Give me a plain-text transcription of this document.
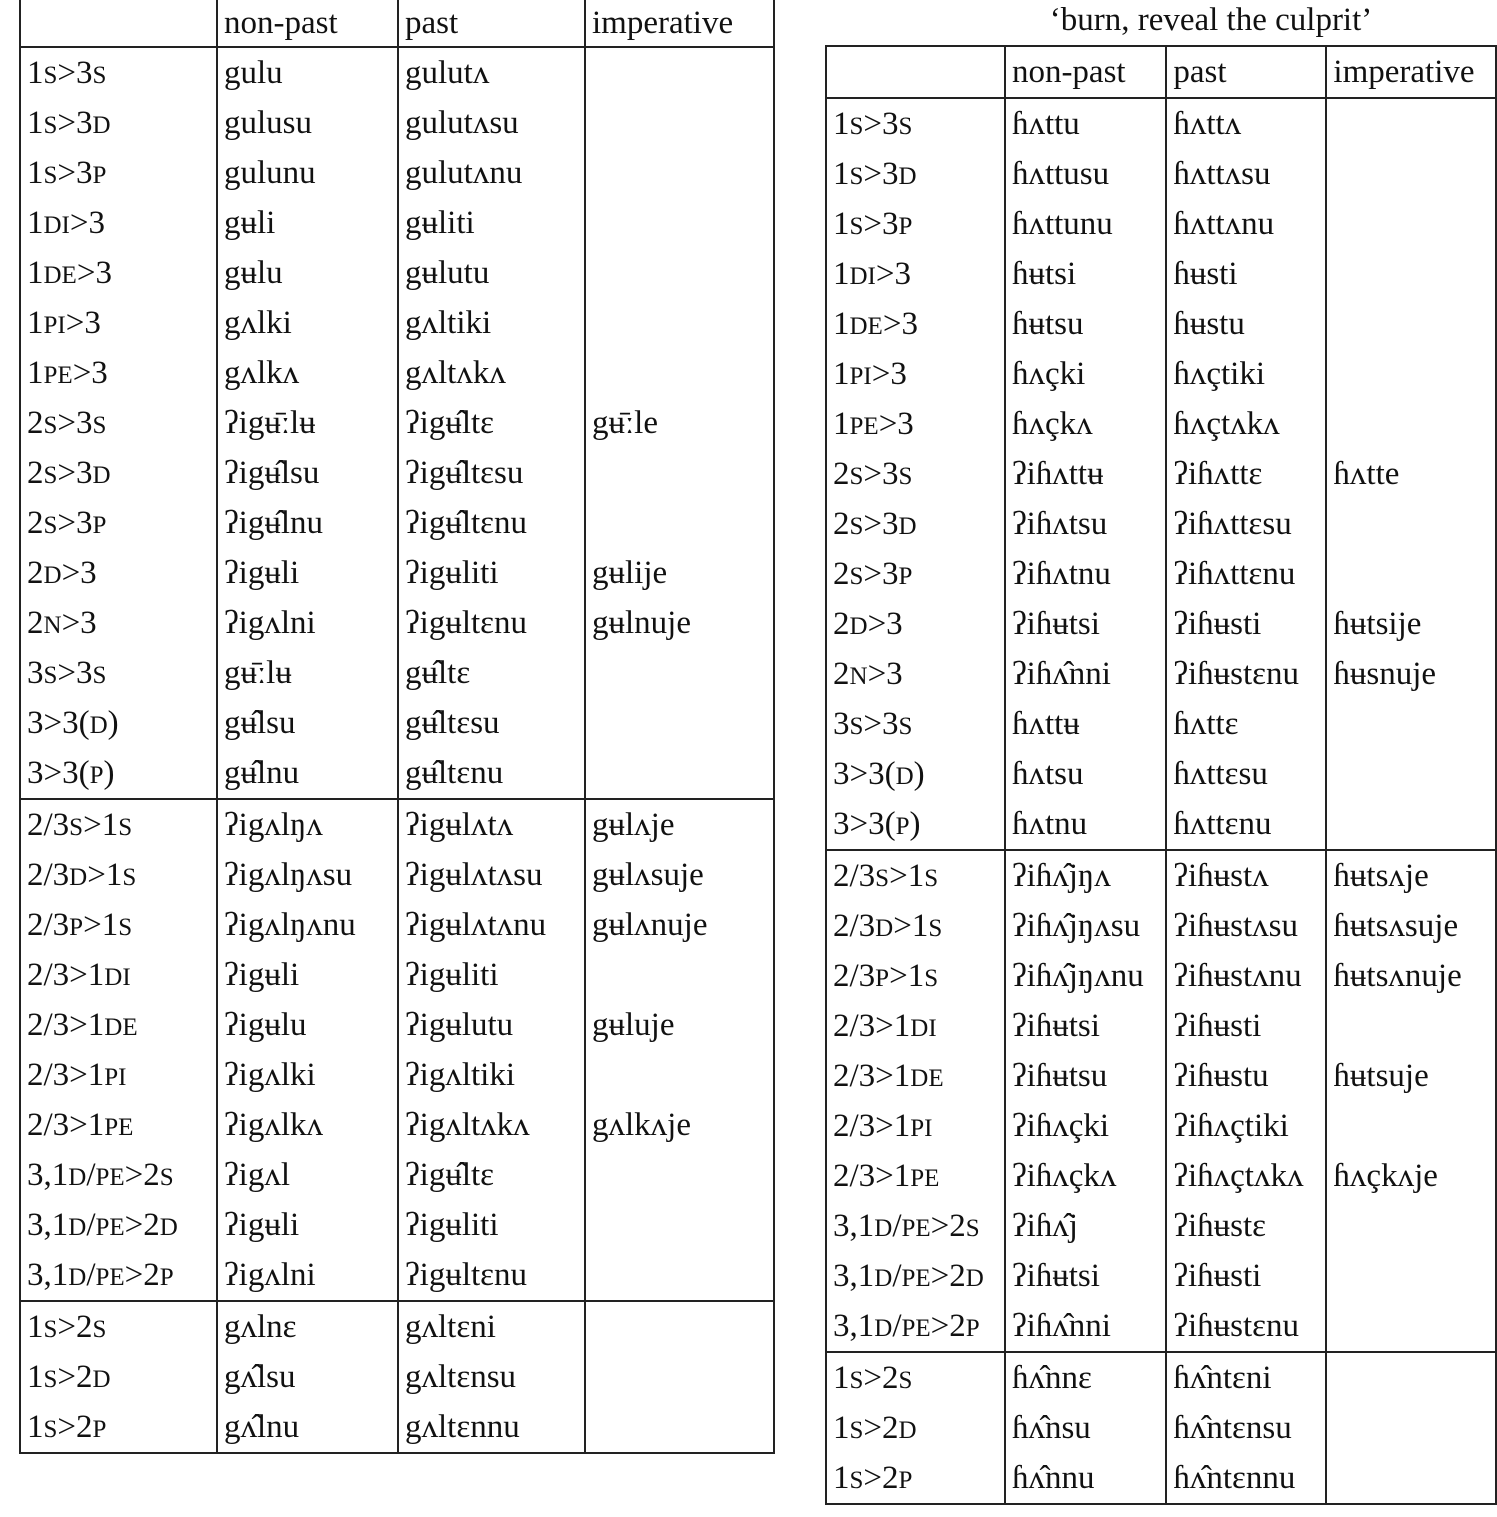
	non-past	past	imperative
1S>3S	gulu	gulutʌ	
1S>3D	gulusu	gulutʌsu	
1S>3P	gulunu	gulutʌnu	
1DI>3	gʉli	gʉliti	
1DE>3	gʉlu	gʉlutu	
1PI>3	gʌlki	gʌltiki	
1PE>3	gʌlkʌ	gʌltʌkʌ	
2S>3S	ʔigʉ̄ːlʉ	ʔigʉ̂ltɛ	gʉ̄ːle
2S>3D	ʔigʉ̂lsu	ʔigʉ̂ltɛsu	
2S>3P	ʔigʉ̂lnu	ʔigʉ̂ltɛnu	
2D>3	ʔigʉli	ʔigʉliti	gʉlije
2N>3	ʔigʌlni	ʔigʉltɛnu	gʉlnuje
3S>3S	gʉ̄ːlʉ	gʉ̂ltɛ	
3>3(D)	gʉ̂lsu	gʉ̂ltɛsu	
3>3(P)	gʉ̂lnu	gʉ̂ltɛnu	
2/3S>1S	ʔigʌlŋʌ	ʔigʉlʌtʌ	gʉlʌje
2/3D>1S	ʔigʌlŋʌsu	ʔigʉlʌtʌsu	gʉlʌsuje
2/3P>1S	ʔigʌlŋʌnu	ʔigʉlʌtʌnu	gʉlʌnuje
2/3>1DI	ʔigʉli	ʔigʉliti	
2/3>1DE	ʔigʉlu	ʔigʉlutu	gʉluje
2/3>1PI	ʔigʌlki	ʔigʌltiki	
2/3>1PE	ʔigʌlkʌ	ʔigʌltʌkʌ	gʌlkʌje
3,1D/PE>2S	ʔigʌl	ʔigʉ̂ltɛ	
3,1D/PE>2D	ʔigʉli	ʔigʉliti	
3,1D/PE>2P	ʔigʌlni	ʔigʉltɛnu	
1S>2S	gʌlnɛ	gʌltɛni	
1S>2D	gʌ̂lsu	gʌltɛnsu	
1S>2P	gʌ̂lnu	gʌltɛnnu	
‘burn, reveal the culprit’
	non-past	past	imperative
1S>3S	ɦʌttu	ɦʌttʌ	
1S>3D	ɦʌttusu	ɦʌttʌsu	
1S>3P	ɦʌttunu	ɦʌttʌnu	
1DI>3	ɦʉtsi	ɦʉsti	
1DE>3	ɦʉtsu	ɦʉstu	
1PI>3	ɦʌçki	ɦʌçtiki	
1PE>3	ɦʌçkʌ	ɦʌçtʌkʌ	
2S>3S	ʔiɦʌttʉ	ʔiɦʌttɛ	ɦʌtte
2S>3D	ʔiɦʌtsu	ʔiɦʌttɛsu	
2S>3P	ʔiɦʌtnu	ʔiɦʌttɛnu	
2D>3	ʔiɦʉtsi	ʔiɦʉsti	ɦʉtsije
2N>3	ʔiɦʌ̂nni	ʔiɦʉstɛnu	ɦʉsnuje
3S>3S	ɦʌttʉ	ɦʌttɛ	
3>3(D)	ɦʌtsu	ɦʌttɛsu	
3>3(P)	ɦʌtnu	ɦʌttɛnu	
2/3S>1S	ʔiɦʌ̂jŋʌ	ʔiɦʉstʌ	ɦʉtsʌje
2/3D>1S	ʔiɦʌ̂jŋʌsu	ʔiɦʉstʌsu	ɦʉtsʌsuje
2/3P>1S	ʔiɦʌ̂jŋʌnu	ʔiɦʉstʌnu	ɦʉtsʌnuje
2/3>1DI	ʔiɦʉtsi	ʔiɦʉsti	
2/3>1DE	ʔiɦʉtsu	ʔiɦʉstu	ɦʉtsuje
2/3>1PI	ʔiɦʌçki	ʔiɦʌçtiki	
2/3>1PE	ʔiɦʌçkʌ	ʔiɦʌçtʌkʌ	ɦʌçkʌje
3,1D/PE>2S	ʔiɦʌ̂j	ʔiɦʉstɛ	
3,1D/PE>2D	ʔiɦʉtsi	ʔiɦʉsti	
3,1D/PE>2P	ʔiɦʌ̂nni	ʔiɦʉstɛnu	
1S>2S	ɦʌ̂nnɛ	ɦʌ̂ntɛni	
1S>2D	ɦʌ̂nsu	ɦʌ̂ntɛnsu	
1S>2P	ɦʌ̂nnu	ɦʌ̂ntɛnnu	
